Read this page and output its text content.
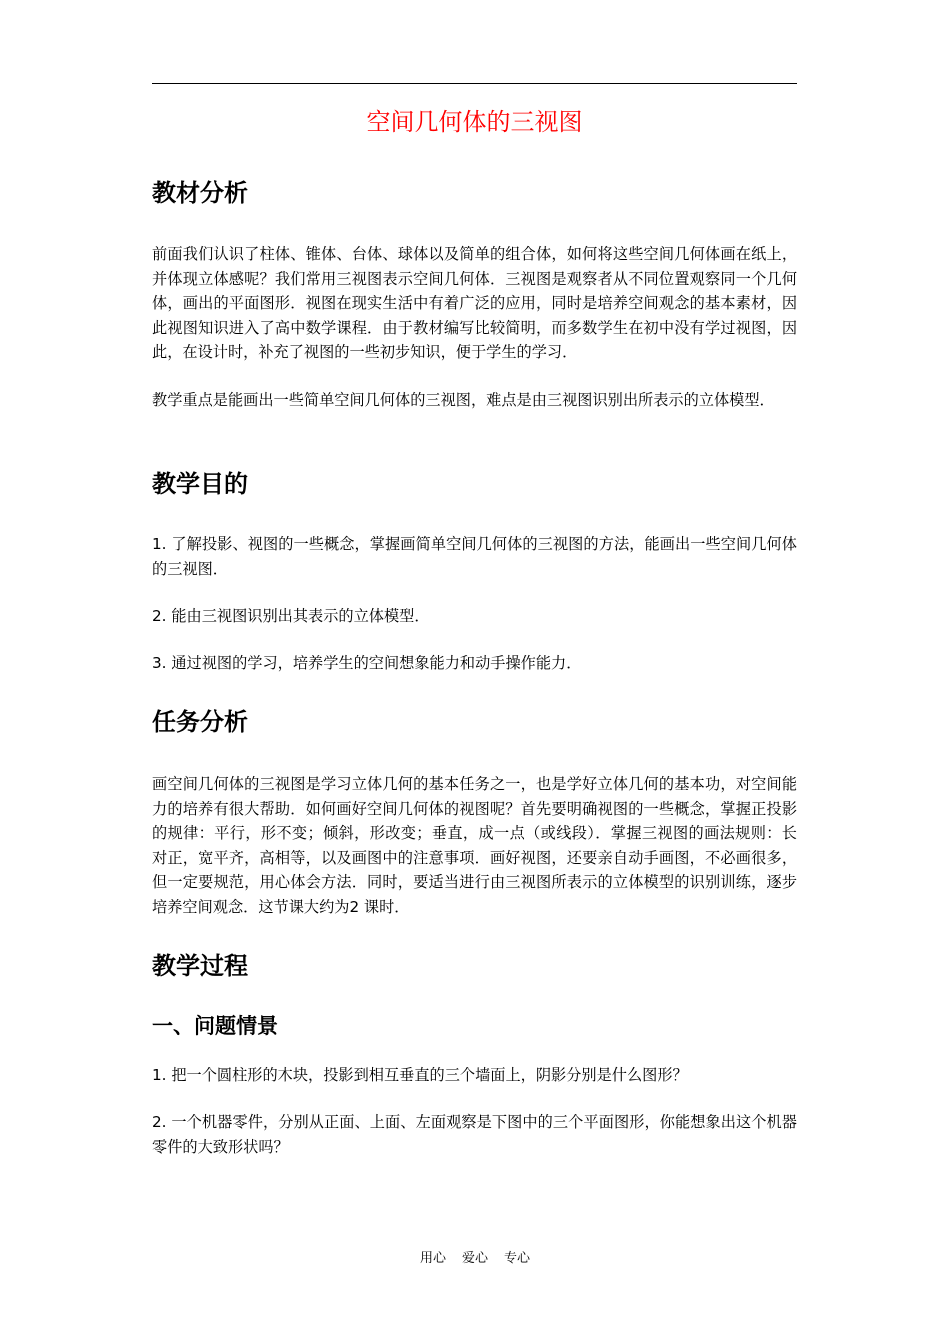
空间几何体的三视图
教材分析

前面我们认识了柱体、锥体、台体、球体以及简单的组合体，如何将这些空间几何体画在纸上，并体现立体感呢？我们常用三视图表示空间几何体．三视图是观察者从不同位置观察同一个几何体，画出的平面图形．视图在现实生活中有着广泛的应用，同时是培养空间观念的基本素材，因此视图知识进入了高中数学课程．由于教材编写比较简明，而多数学生在初中没有学过视图，因此，在设计时，补充了视图的一些初步知识，便于学生的学习．

教学重点是能画出一些简单空间几何体的三视图，难点是由三视图识别出所表示的立体模型．

教学目的

1. 了解投影、视图的一些概念，掌握画简单空间几何体的三视图的方法，能画出一些空间几何体的三视图．

2. 能由三视图识别出其表示的立体模型．

3. 通过视图的学习，培养学生的空间想象能力和动手操作能力．

任务分析

画空间几何体的三视图是学习立体几何的基本任务之一，也是学好立体几何的基本功，对空间能力的培养有很大帮助．如何画好空间几何体的视图呢？首先要明确视图的一些概念，掌握正投影的规律：平行，形不变；倾斜，形改变；垂直，成一点（或线段）．掌握三视图的画法规则：长对正，宽平齐，高相等，以及画图中的注意事项．画好视图，还要亲自动手画图，不必画很多，但一定要规范，用心体会方法．同时，要适当进行由三视图所表示的立体模型的识别训练，逐步培养空间观念．这节课大约为2 课时．

教学过程
一、问题情景

1. 把一个圆柱形的木块，投影到相互垂直的三个墙面上，阴影分别是什么图形？

2. 一个机器零件，分别从正面、上面、左面观察是下图中的三个平面图形，你能想象出这个机器零件的大致形状吗？

用心 爱心 专心
